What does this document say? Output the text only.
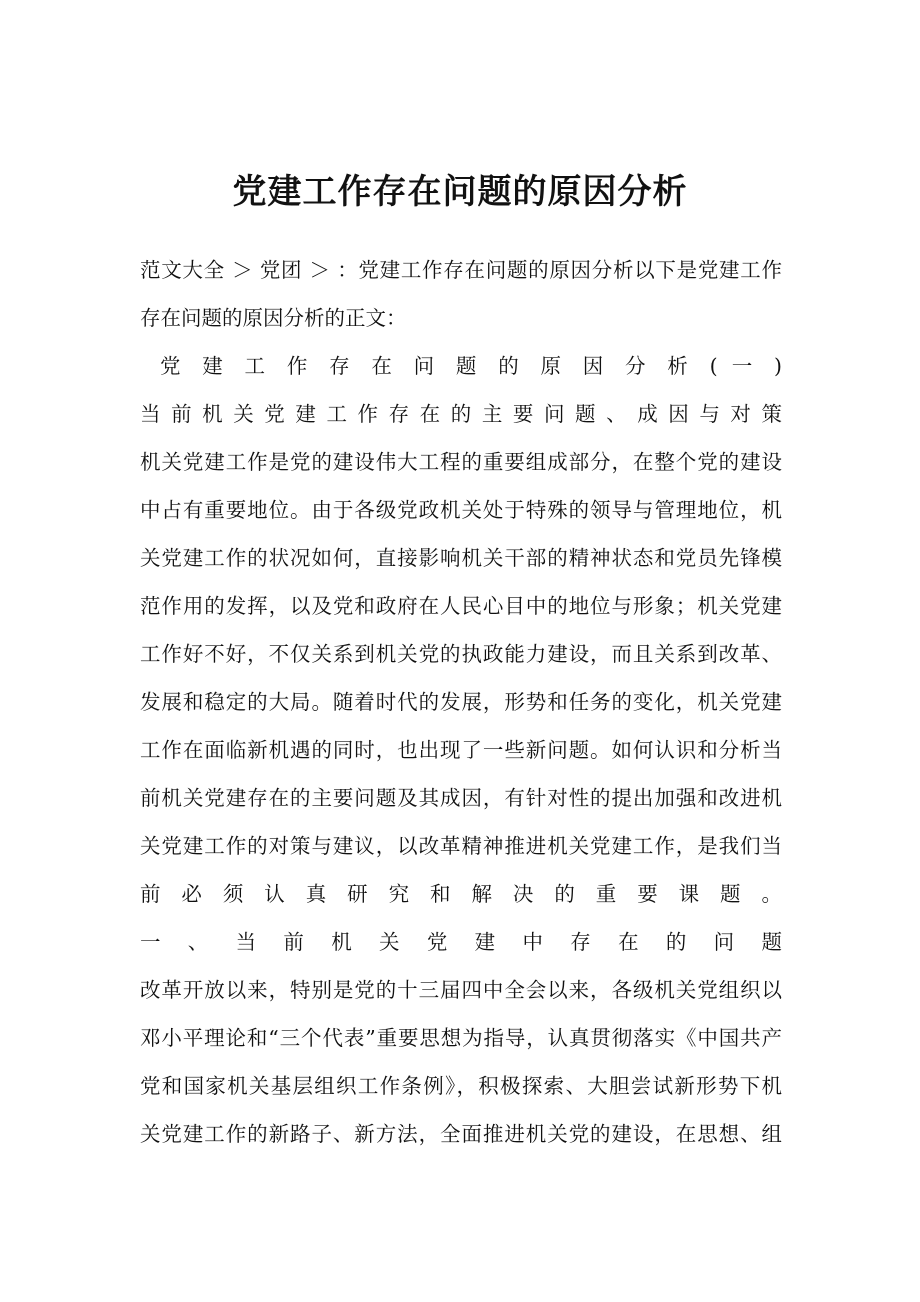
党建工作存在问题的原因分析
范文大全 ＞ 党团 ＞ ：党建工作存在问题的原因分析以下是党建工作
存在问题的原因分析的正文：
党 建 工 作 存 在 问 题 的 原 因 分 析 ( 一 )
当 前 机 关 党 建 工 作 存 在 的 主 要 问 题 、 成 因 与 对 策
机关党建工作是党的建设伟大工程的重要组成部分，在整个党的建设
中占有重要地位。由于各级党政机关处于特殊的领导与管理地位，机
关党建工作的状况如何，直接影响机关干部的精神状态和党员先锋模
范作用的发挥，以及党和政府在人民心目中的地位与形象；机关党建
工作好不好，不仅关系到机关党的执政能力建设，而且关系到改革、
发展和稳定的大局。随着时代的发展，形势和任务的变化，机关党建
工作在面临新机遇的同时，也出现了一些新问题。如何认识和分析当
前机关党建存在的主要问题及其成因，有针对性的提出加强和改进机
关党建工作的对策与建议，以改革精神推进机关党建工作，是我们当
前 必 须 认 真 研 究 和 解 决 的 重 要 课 题 。
一 、 当 前 机 关 党 建 中 存 在 的 问 题
改革开放以来，特别是党的十三届四中全会以来，各级机关党组织以
邓小平理论和“三个代表”重要思想为指导，认真贯彻落实《中国共产
党和国家机关基层组织工作条例》，积极探索、大胆尝试新形势下机
关党建工作的新路子、新方法，全面推进机关党的建设，在思想、组
